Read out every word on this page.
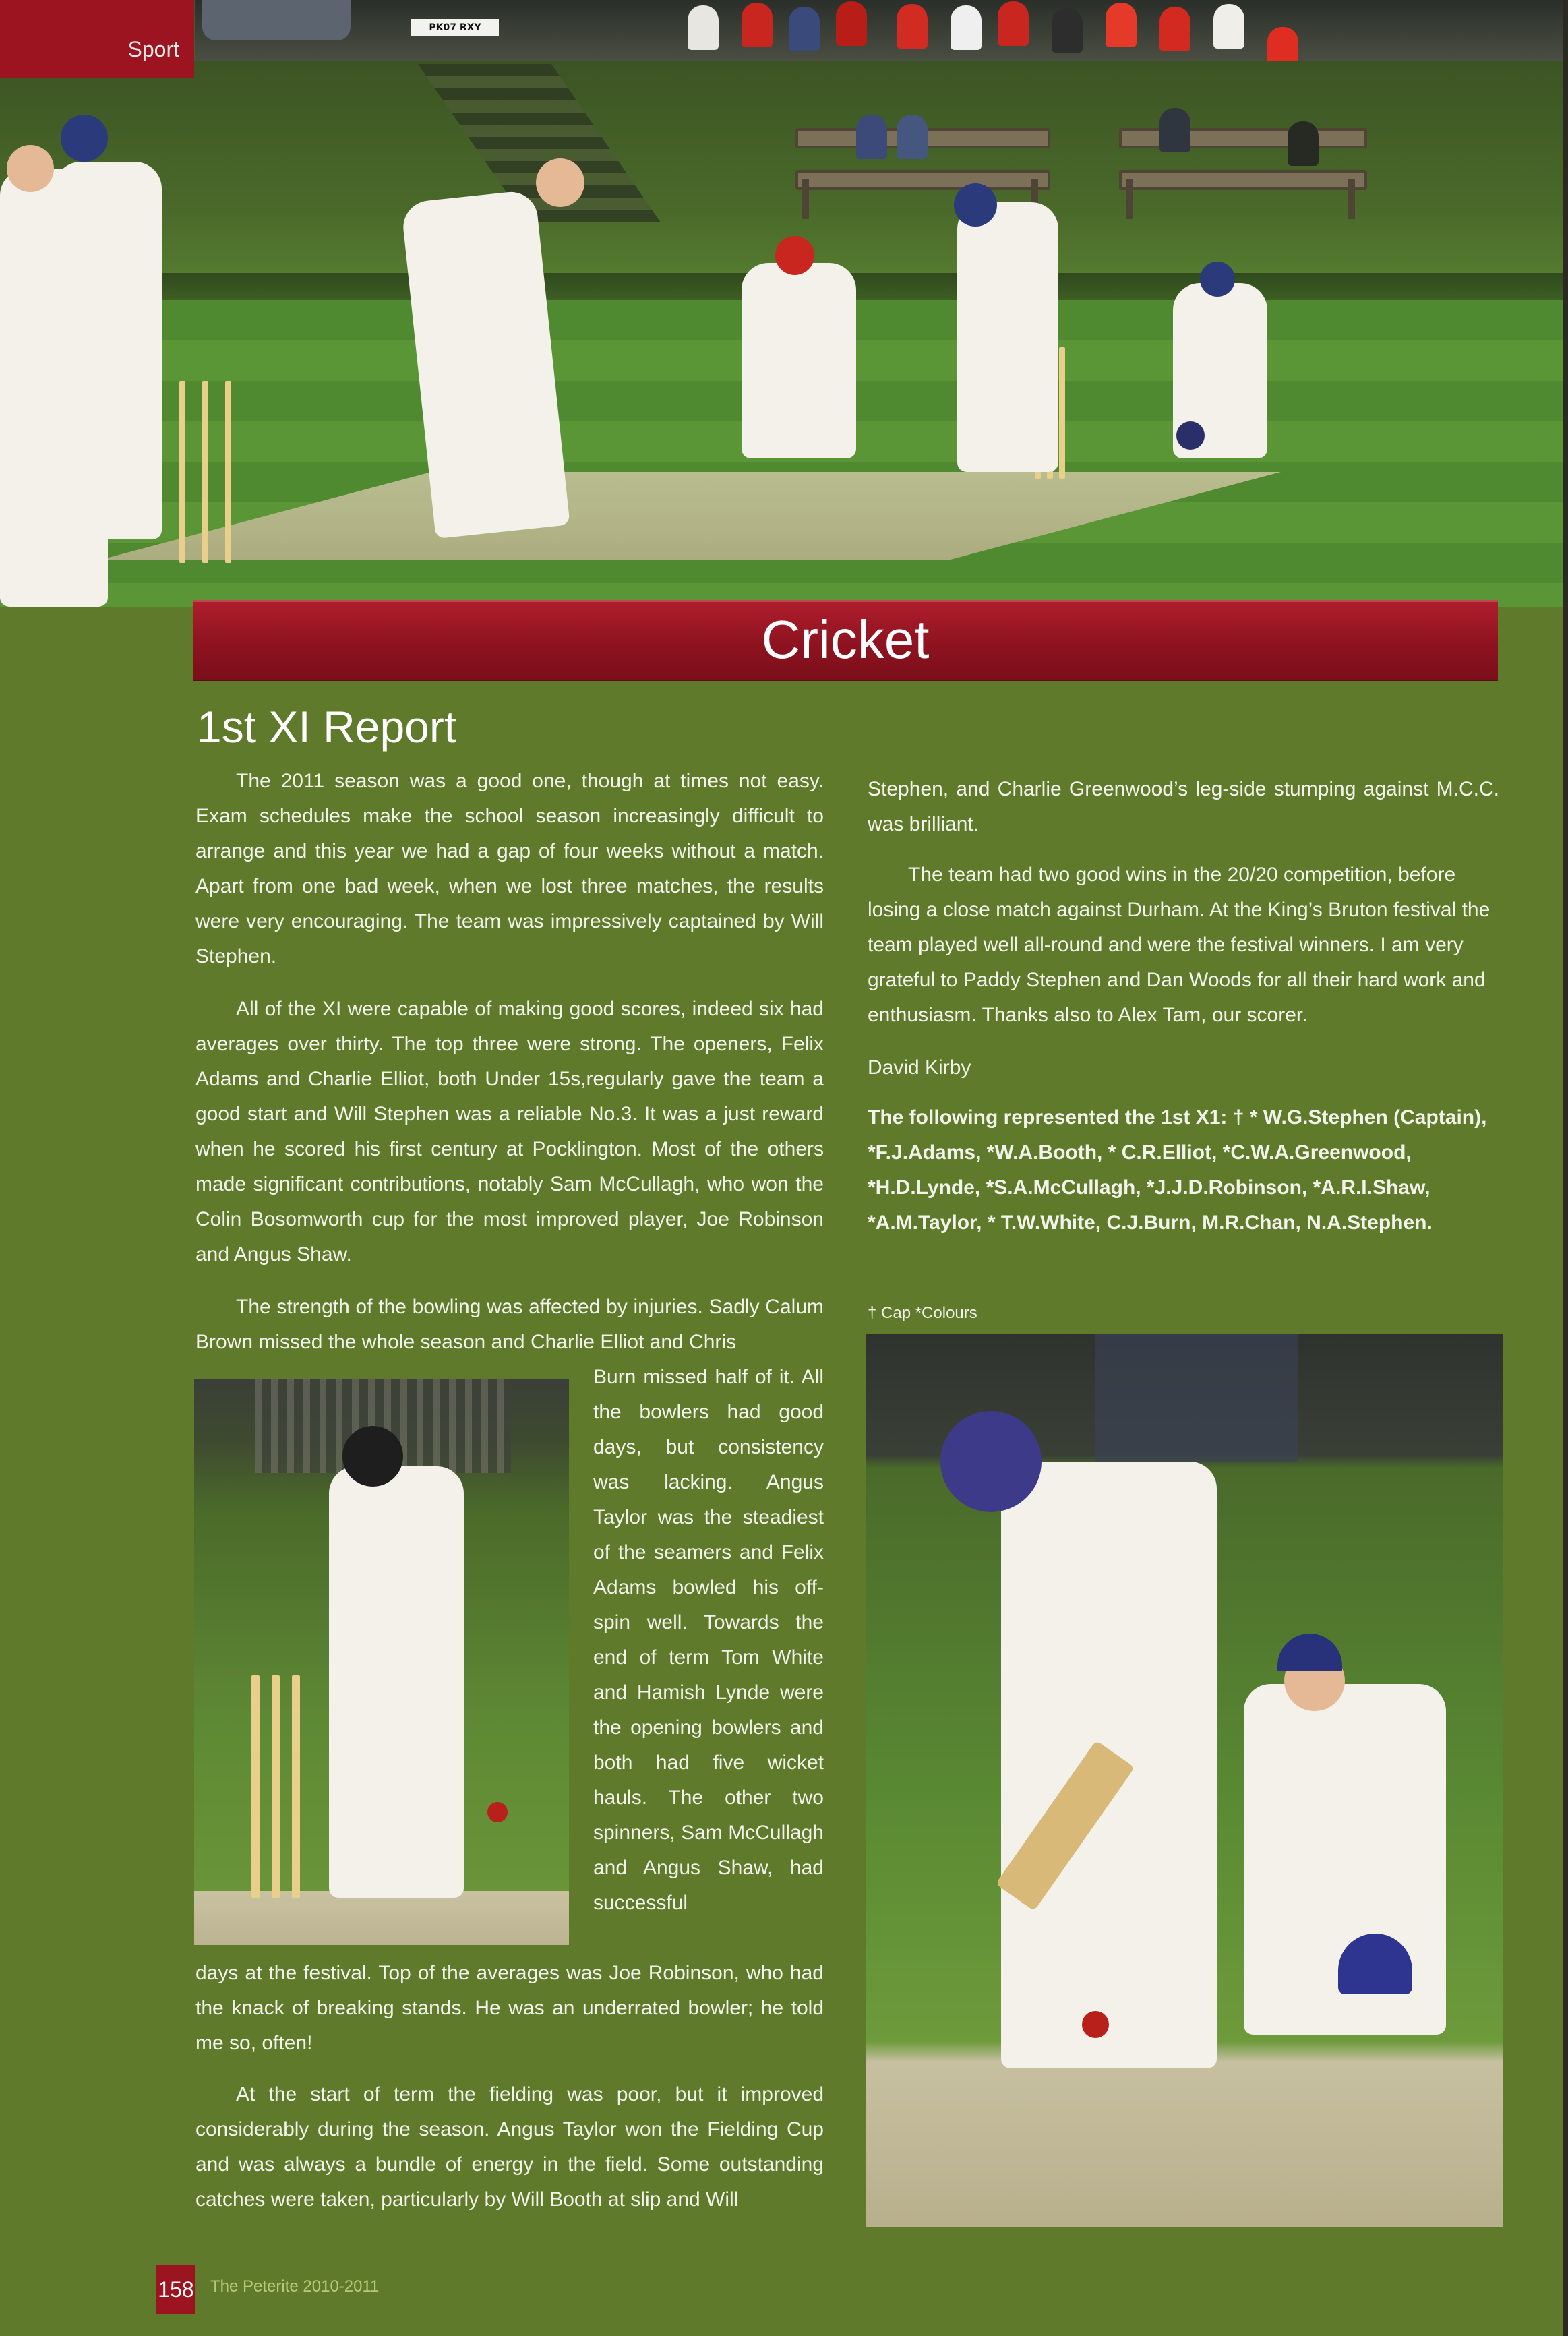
PK07 RXY
Sport
Cricket
1st XI Report

The 2011 season was a good one, though at times not easy. Exam schedules make the school season increasingly difficult to arrange and this year we had a gap of four weeks without a match. Apart from one bad week, when we lost three matches, the results were very encouraging. The team was impressively captained by Will Stephen.

All of the XI were capable of making good scores, indeed six had averages over thirty. The top three were strong. The openers, Felix Adams and Charlie Elliot, both Under 15s,regularly gave the team a good start and Will Stephen was a reliable No.3. It was a just reward when he scored his first century at Pocklington. Most of the others made significant contributions, notably Sam McCullagh, who won the Colin Bosomworth cup for the most improved player, Joe Robinson and Angus Shaw.

The strength of the bowling was affected by injuries. Sadly Calum Brown missed the whole season and Charlie Elliot and Chris

Burn missed half of it. All the bowlers had good days, but consistency was lacking. Angus Taylor was the steadiest of the seamers and Felix Adams bowled his off-spin well. Towards the end of term Tom White and Hamish Lynde were the opening bowlers and both had five wicket hauls. The other two spinners, Sam McCullagh and Angus Shaw, had successful

days at the festival. Top of the averages was Joe Robinson, who had the knack of breaking stands. He was an underrated bowler; he told me so, often!

At the start of term the fielding was poor, but it improved considerably during the season. Angus Taylor won the Fielding Cup and was always a bundle of energy in the field. Some outstanding catches were taken, particularly by Will Booth at slip and Will

Stephen, and Charlie Greenwood’s leg-side stumping against M.C.C. was brilliant.

The team had two good wins in the 20/20 competition, before losing a close match against Durham. At the King’s Bruton festival the team played well all-round and were the festival winners. I am very grateful to Paddy Stephen and Dan Woods for all their hard work and enthusiasm. Thanks also to Alex Tam, our scorer.

David Kirby

The following represented the 1st X1: † * W.G.Stephen (Captain), *F.J.Adams, *W.A.Booth, * C.R.Elliot, *C.W.A.Greenwood, *H.D.Lynde, *S.A.McCullagh, *J.J.D.Robinson, *A.R.I.Shaw, *A.M.Taylor, * T.W.White, C.J.Burn, M.R.Chan, N.A.Stephen.

† Cap *Colours

158 The Peterite 2010-2011
